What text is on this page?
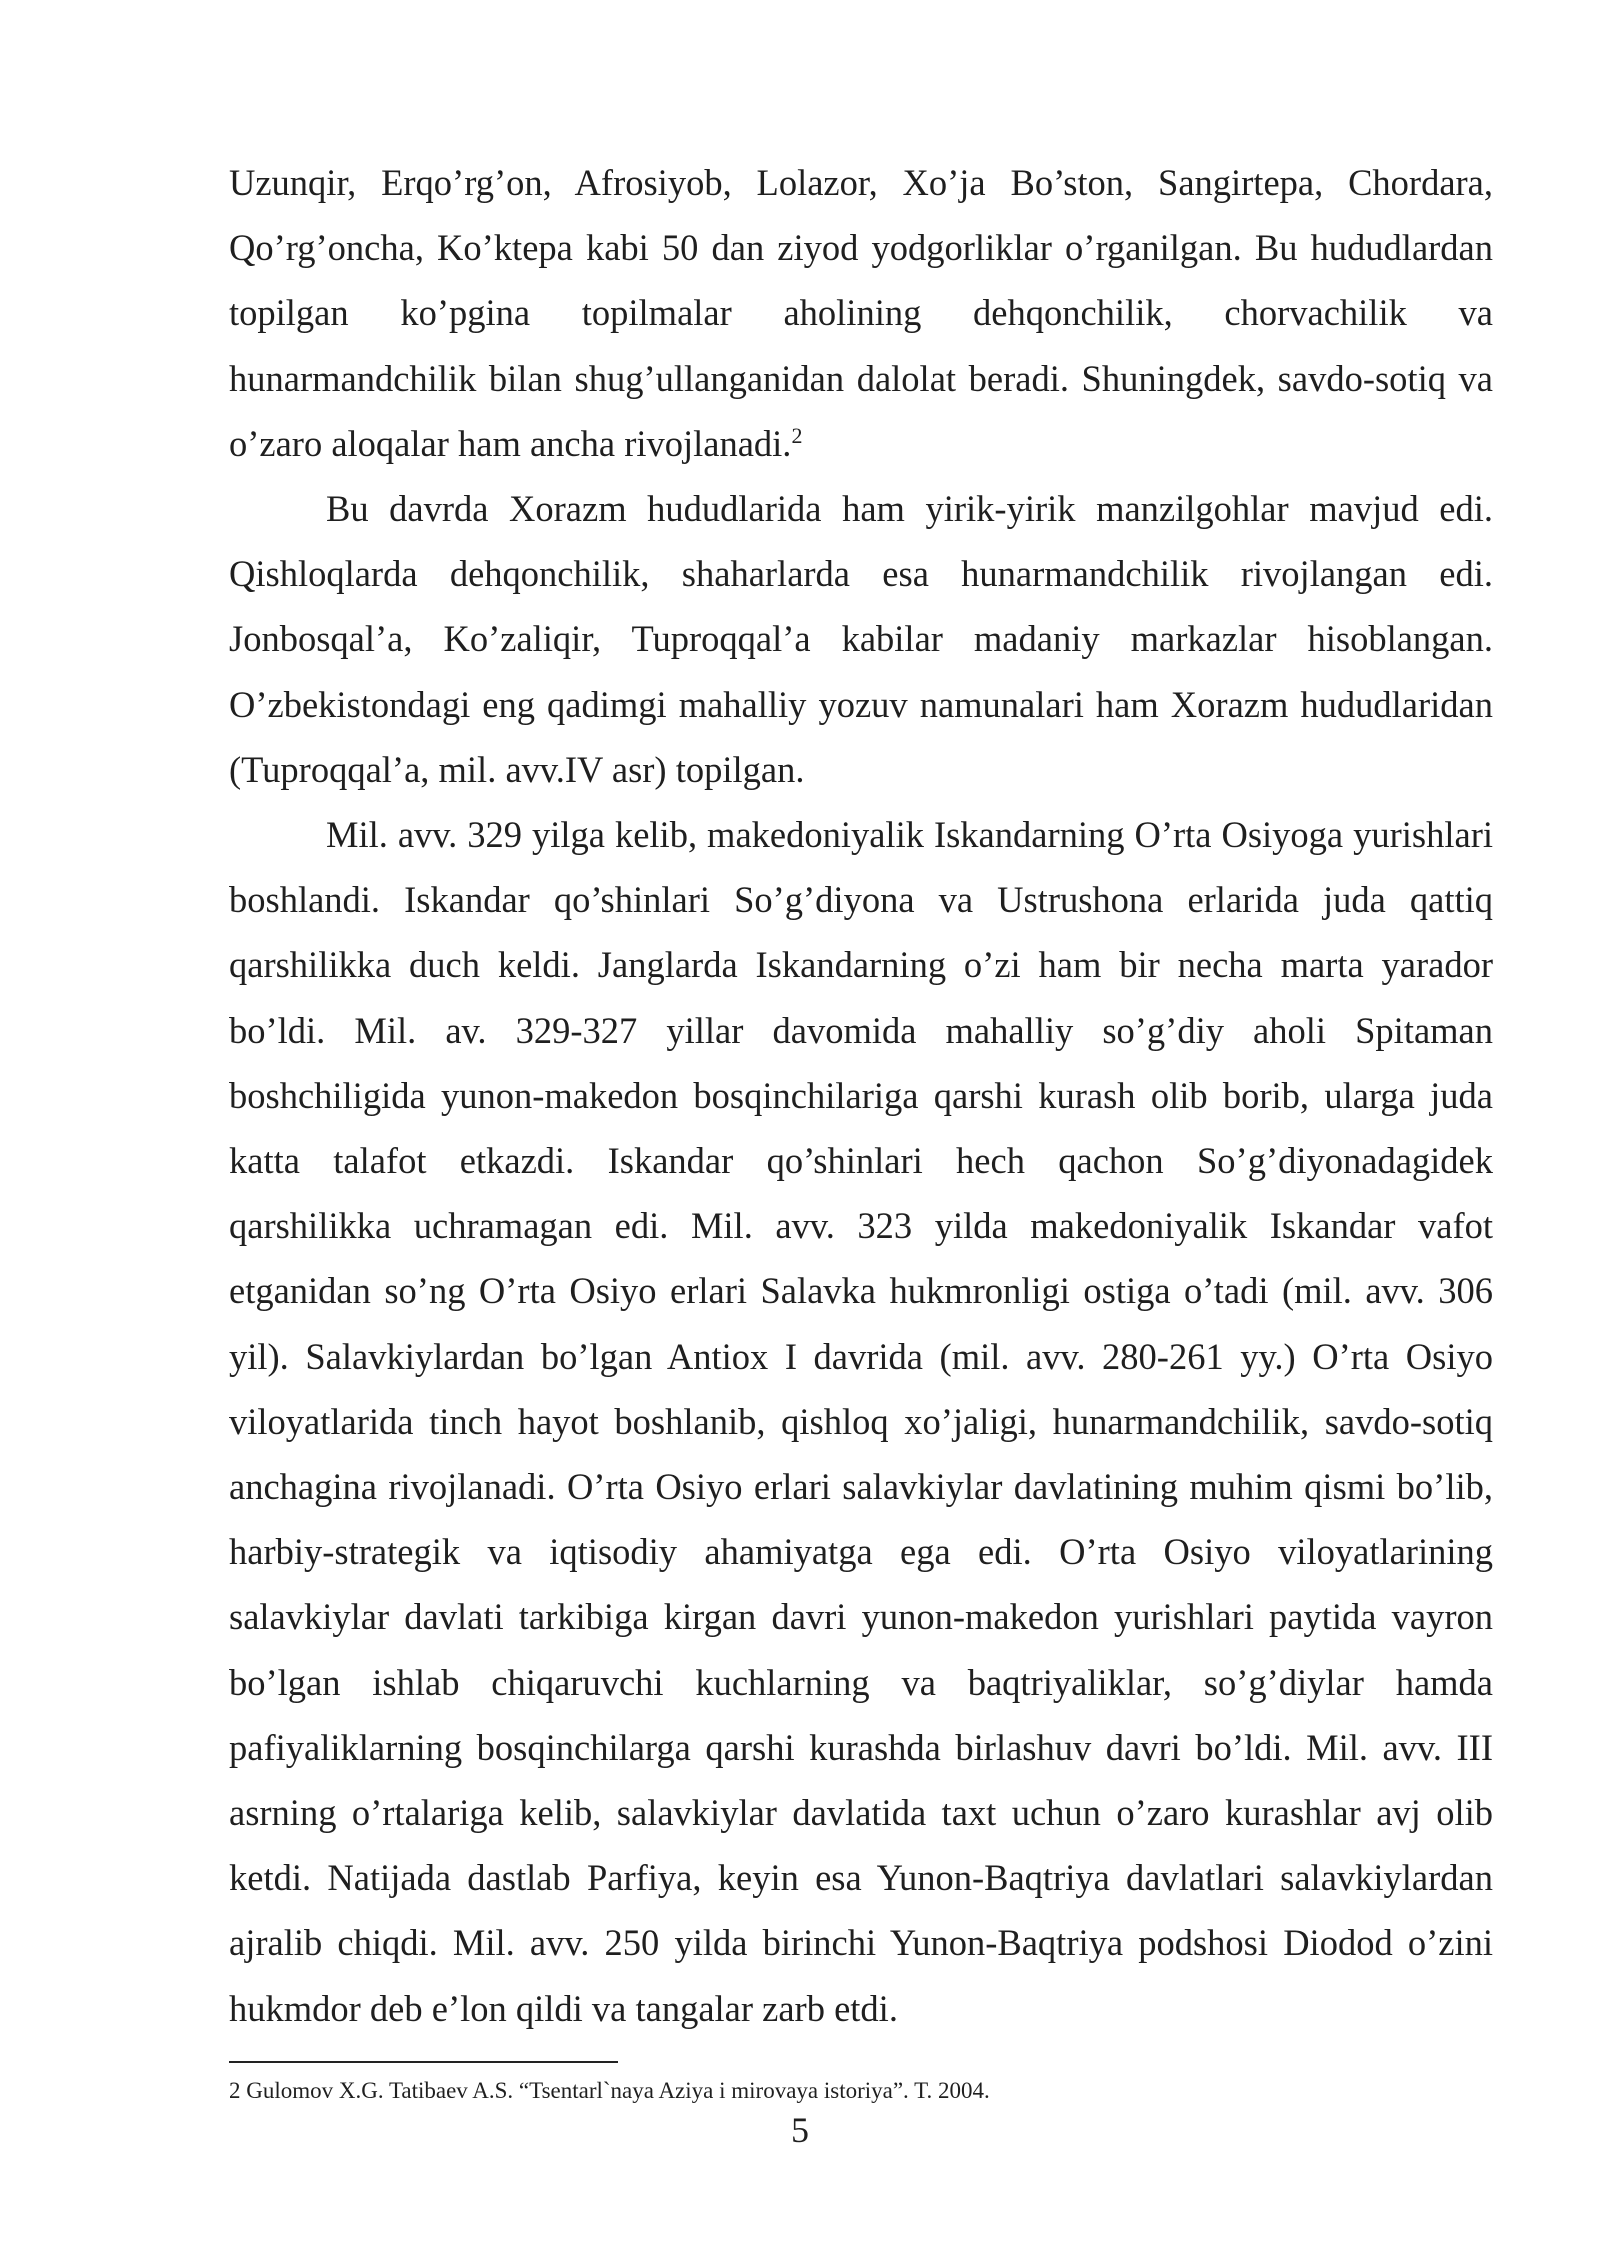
Uzunqir, Erqo’rg’on, Afrosiyob, Lolazor, Xo’ja Bo’ston, Sangirtepa, Chordara, Qo’rg’oncha, Ko’ktepa kabi 50 dan ziyod yodgorliklar o’rganilgan. Bu hududlardan topilgan ko’pgina topilmalar aholining dehqonchilik, chorvachilik va hunarmandchilik bilan shug’ullanganidan dalolat beradi. Shuningdek, savdo-sotiq va o’zaro aloqalar ham ancha rivojlanadi.$^2$

Bu davrda Xorazm hududlarida ham yirik-yirik manzilgohlar mavjud edi. Qishloqlarda dehqonchilik, shaharlarda esa hunarmandchilik rivojlangan edi. Jonbosqal’a, Ko’zaliqir, Tuproqqal’a kabilar madaniy markazlar hisoblangan. O’zbekistondagi eng qadimgi mahalliy yozuv namunalari ham Xorazm hududlaridan (Tuproqqal’a, mil. avv.IV asr) topilgan.

Mil. avv. 329 yilga kelib, makedoniyalik Iskandarning O’rta Osiyoga yurishlari boshlandi. Iskandar qo’shinlari So’g’diyona va Ustrushona erlarida juda qattiq qarshilikka duch keldi. Janglarda Iskandarning o’zi ham bir necha marta yarador bo’ldi. Mil. av. 329-327 yillar davomida mahalliy so’g’diy aholi Spitaman boshchiligida yunon-makedon bosqinchilariga qarshi kurash olib borib, ularga juda katta talafot etkazdi. Iskandar qo’shinlari hech qachon So’g’diyonadagidek qarshilikka uchramagan edi. Mil. avv. 323 yilda makedoniyalik Iskandar vafot etganidan so’ng O’rta Osiyo erlari Salavka hukmronligi ostiga o’tadi (mil. avv. 306 yil). Salavkiylardan bo’lgan Antiox I davrida (mil. avv. 280-261 yy.) O’rta Osiyo viloyatlarida tinch hayot boshlanib, qishloq xo’jaligi, hunarmandchilik, savdo-sotiq anchagina rivojlanadi. O’rta Osiyo erlari salavkiylar davlatining muhim qismi bo’lib, harbiy-strategik va iqtisodiy ahamiyatga ega edi. O’rta Osiyo viloyatlarining salavkiylar davlati tarkibiga kirgan davri yunon-makedon yurishlari paytida vayron bo’lgan ishlab chiqaruvchi kuchlarning va baqtriyaliklar, so’g’diylar hamda pafiyaliklarning bosqinchilarga qarshi kurashda birlashuv davri bo’ldi. Mil. avv. III asrning o’rtalariga kelib, salavkiylar davlatida taxt uchun o’zaro kurashlar avj olib ketdi. Natijada dastlab Parfiya, keyin esa Yunon-Baqtriya davlatlari salavkiylardan ajralib chiqdi. Mil. avv. 250 yilda birinchi Yunon-Baqtriya podshosi Diodod o’zini hukmdor deb e’lon qildi va tangalar zarb etdi.

2 Gulomov X.G. Tatibaev A.S. “Tsentarl`naya Aziya i mirovaya istoriya”. T. 2004.
5
